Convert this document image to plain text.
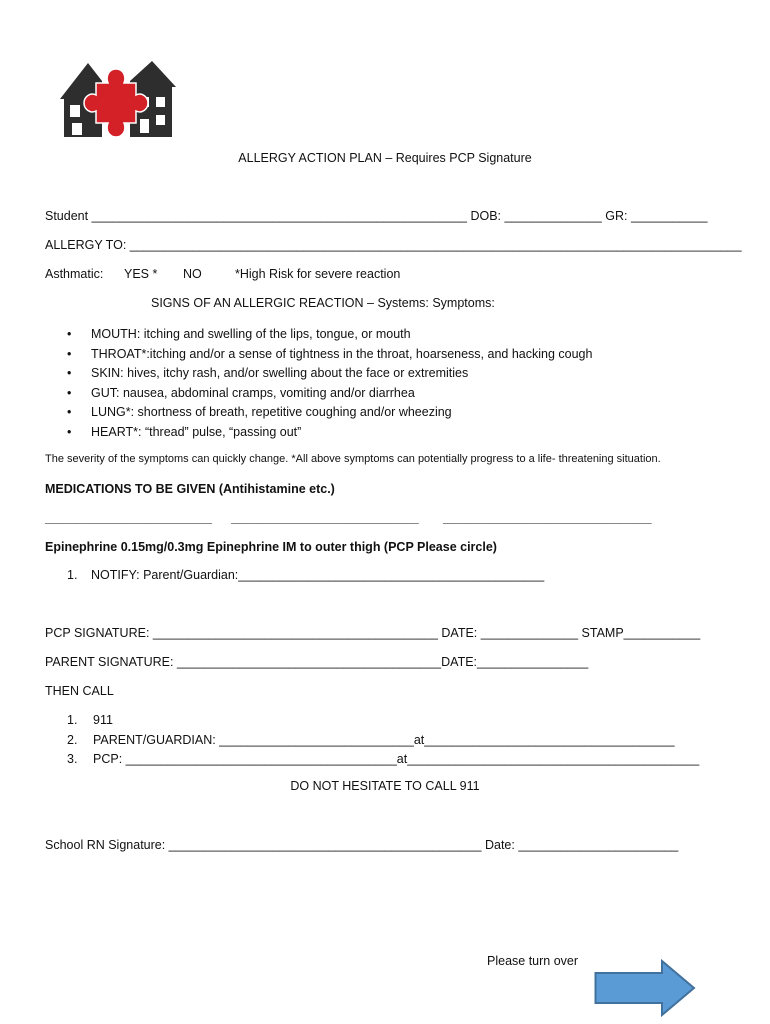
ALLERGY ACTION PLAN – Requires PCP Signature
Student ______________________________________________________ DOB: ______________ GR: ___________
ALLERGY TO: ________________________________________________________________________________________
Asthmatic: YES * NO	*High Risk for severe reaction
SIGNS OF AN ALLERGIC REACTION – Systems: Symptoms:
• MOUTH: itching and swelling of the lips, tongue, or mouth
• THROAT*:itching and/or a sense of tightness in the throat, hoarseness, and hacking cough
• SKIN: hives, itchy rash, and/or swelling about the face or extremities
• GUT: nausea, abdominal cramps, vomiting and/or diarrhea
• LUNG*: shortness of breath, repetitive coughing and/or wheezing
• HEART*: “thread” pulse, “passing out”
The severity of the symptoms can quickly change. *All above symptoms can potentially progress to a life- threatening situation.
MEDICATIONS TO BE GIVEN (Antihistamine etc.)
________________________ ___________________________ ______________________________
Epinephrine 0.15mg/0.3mg Epinephrine IM to outer thigh (PCP Please circle)
1. NOTIFY: Parent/Guardian:____________________________________________
PCP SIGNATURE: _________________________________________ DATE: ______________ STAMP___________
PARENT SIGNATURE: ______________________________________DATE:________________
THEN CALL
1. 911
2. PARENT/GUARDIAN: ____________________________at____________________________________
3. PCP: _______________________________________at__________________________________________
DO NOT HESITATE TO CALL 911
School RN Signature: _____________________________________________ Date: _______________________
Please turn over
